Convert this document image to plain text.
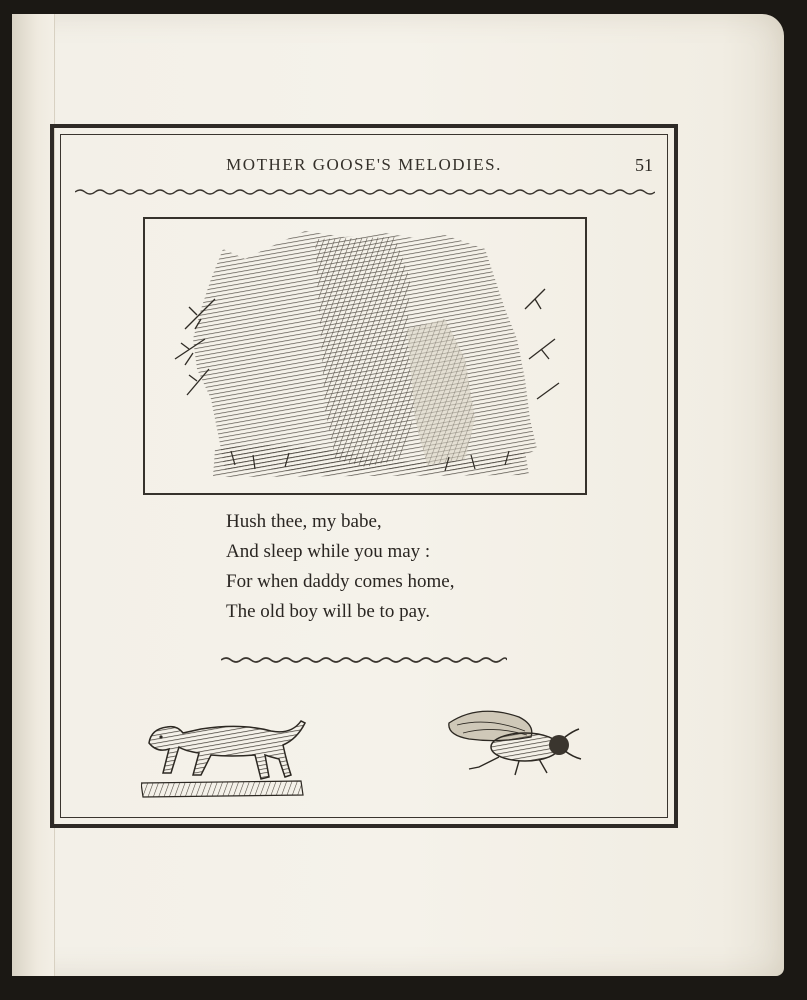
MOTHER GOOSE'S MELODIES.	51
Hush thee, my babe,
And sleep while you may :
For when daddy comes home,
The old boy will be to pay.
